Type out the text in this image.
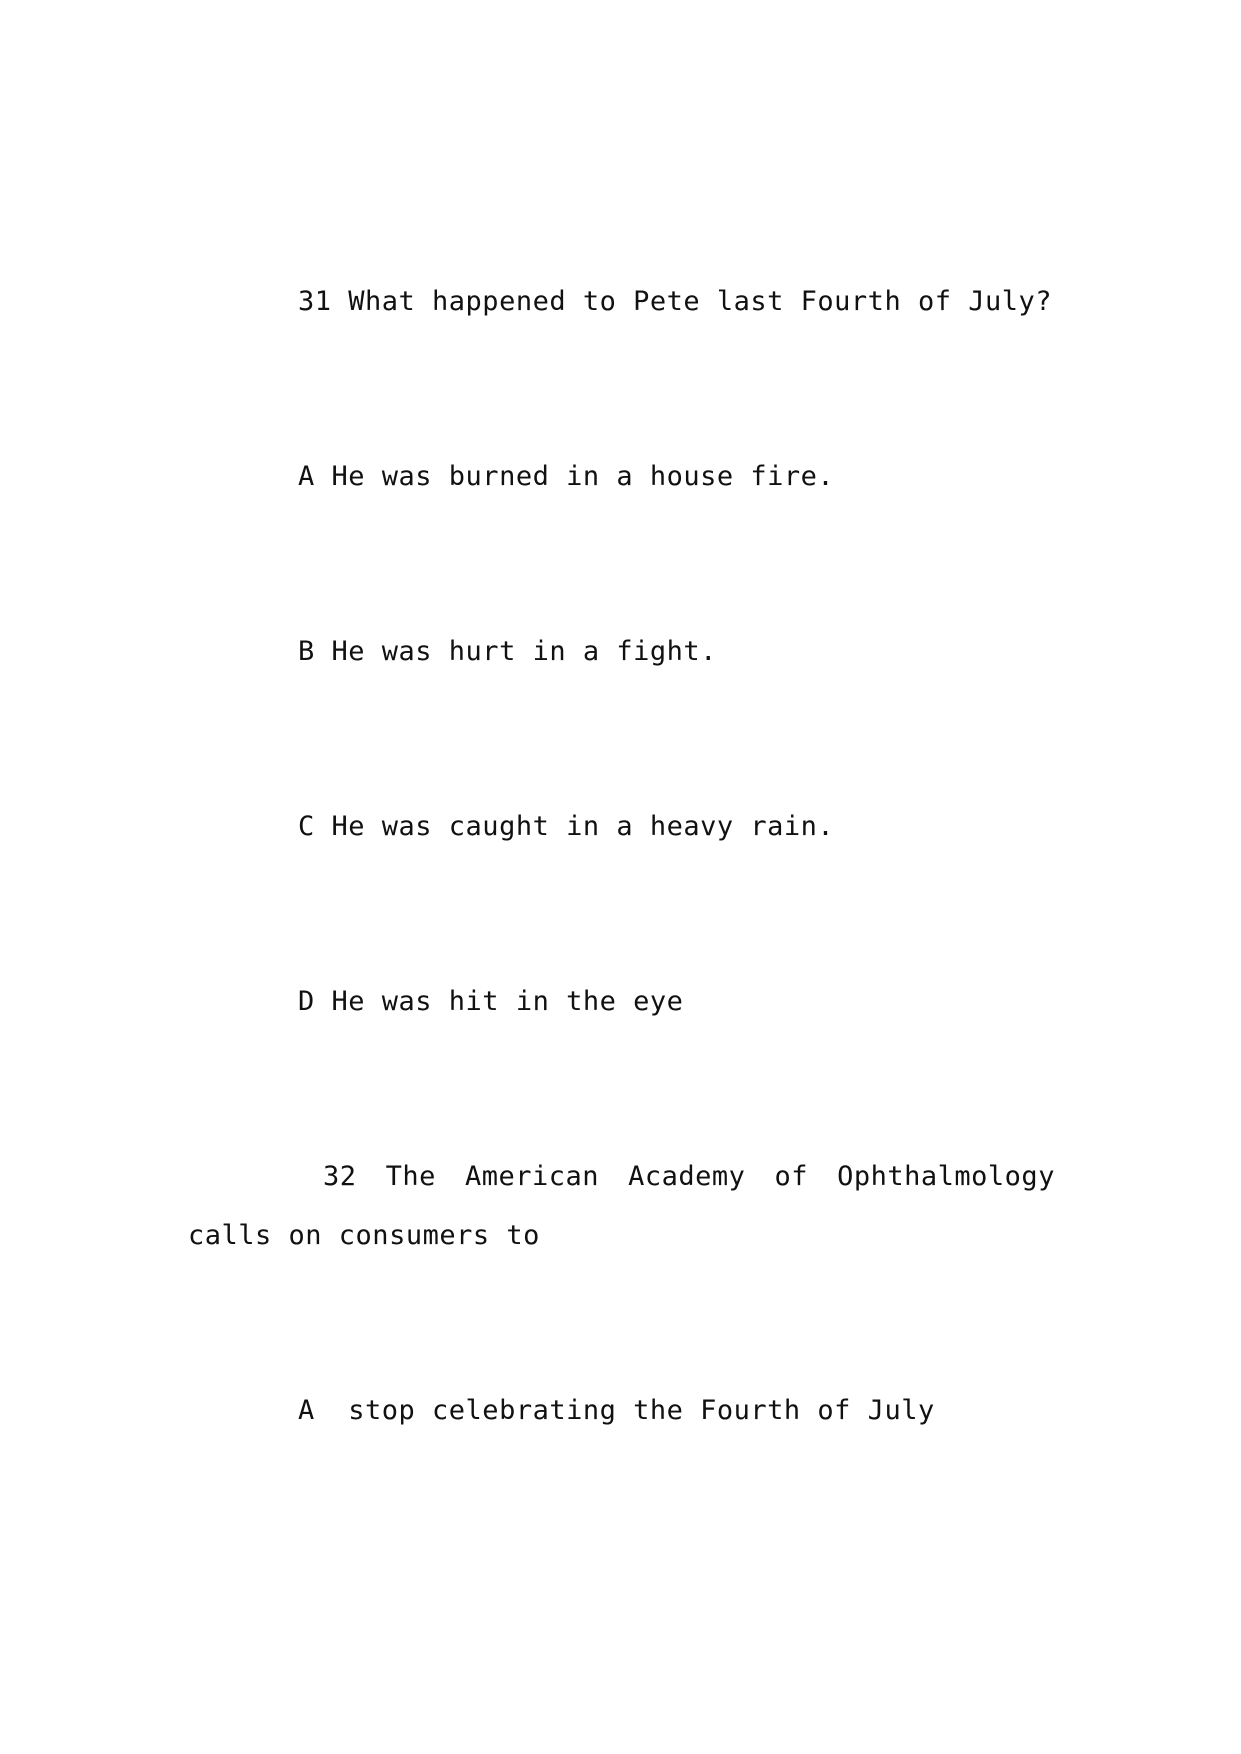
31 What happened to Pete last Fourth of July?
A He was burned in a house fire.
B He was hurt in a fight.
C He was caught in a heavy rain.
D He was hit in the eye
32 The American Academy of Ophthalmology
calls on consumers to
A  stop celebrating the Fourth of July
